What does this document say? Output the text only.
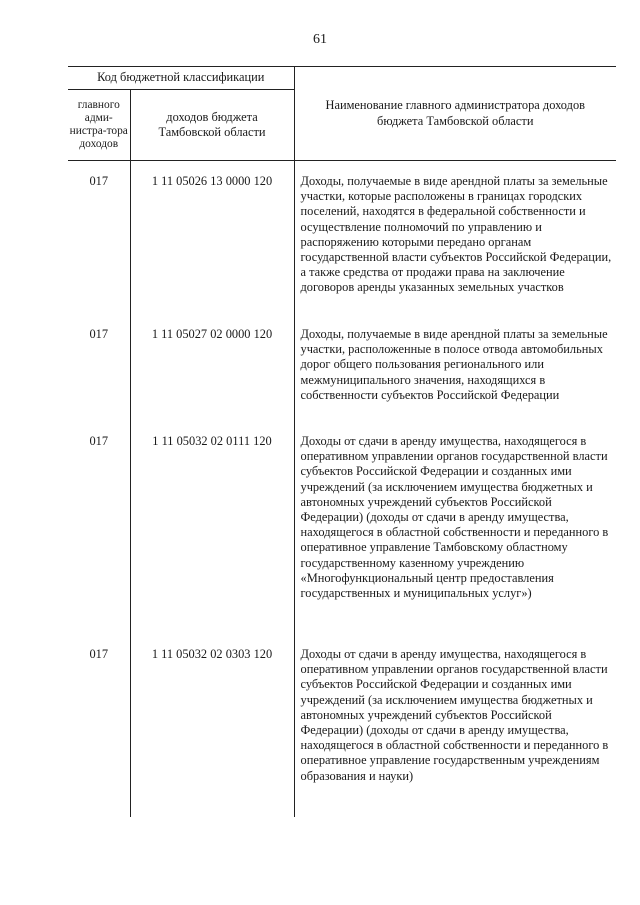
61
Код бюджетной классификации		Наименование главного администратора доходов бюджета Тамбовской области
главного адми-нистра-тора доходов	доходов бюджета Тамбовской области	
017	1 11 05026 13 0000 120	Доходы, получаемые в виде арендной платы за земельные участки, которые расположены в границах городских поселений, находятся в федеральной собственности и осуществление полномочий по управлению и распоряжению которыми передано органам государственной власти субъектов Российской Федерации, а также средства от продажи права на заключение договоров аренды указанных земельных участков
017	1 11 05027 02 0000 120	Доходы, получаемые в виде арендной платы за земельные участки, расположенные в полосе отвода автомобильных дорог общего пользования регионального или межмуниципального значения, находящихся в собственности субъектов Российской Федерации
017	1 11 05032 02 0111 120	Доходы от сдачи в аренду имущества, находящегося в оперативном управлении органов государственной власти субъектов Российской Федерации и созданных ими учреждений (за исключением имущества бюджетных и автономных учреждений субъектов Российской Федерации) (доходы от сдачи в аренду имущества, находящегося в областной собственности и переданного в оперативное управление Тамбовскому областному государственному казенному учреждению «Многофункциональный центр предоставления государственных и муниципальных услуг»)
017	1 11 05032 02 0303 120	Доходы от сдачи в аренду имущества, находящегося в оперативном управлении органов государственной власти субъектов Российской Федерации и созданных ими учреждений (за исключением имущества бюджетных и автономных учреждений субъектов Российской Федерации) (доходы от сдачи в аренду имущества, находящегося в областной собственности и переданного в оперативное управление государственным учреждениям образования и науки)
